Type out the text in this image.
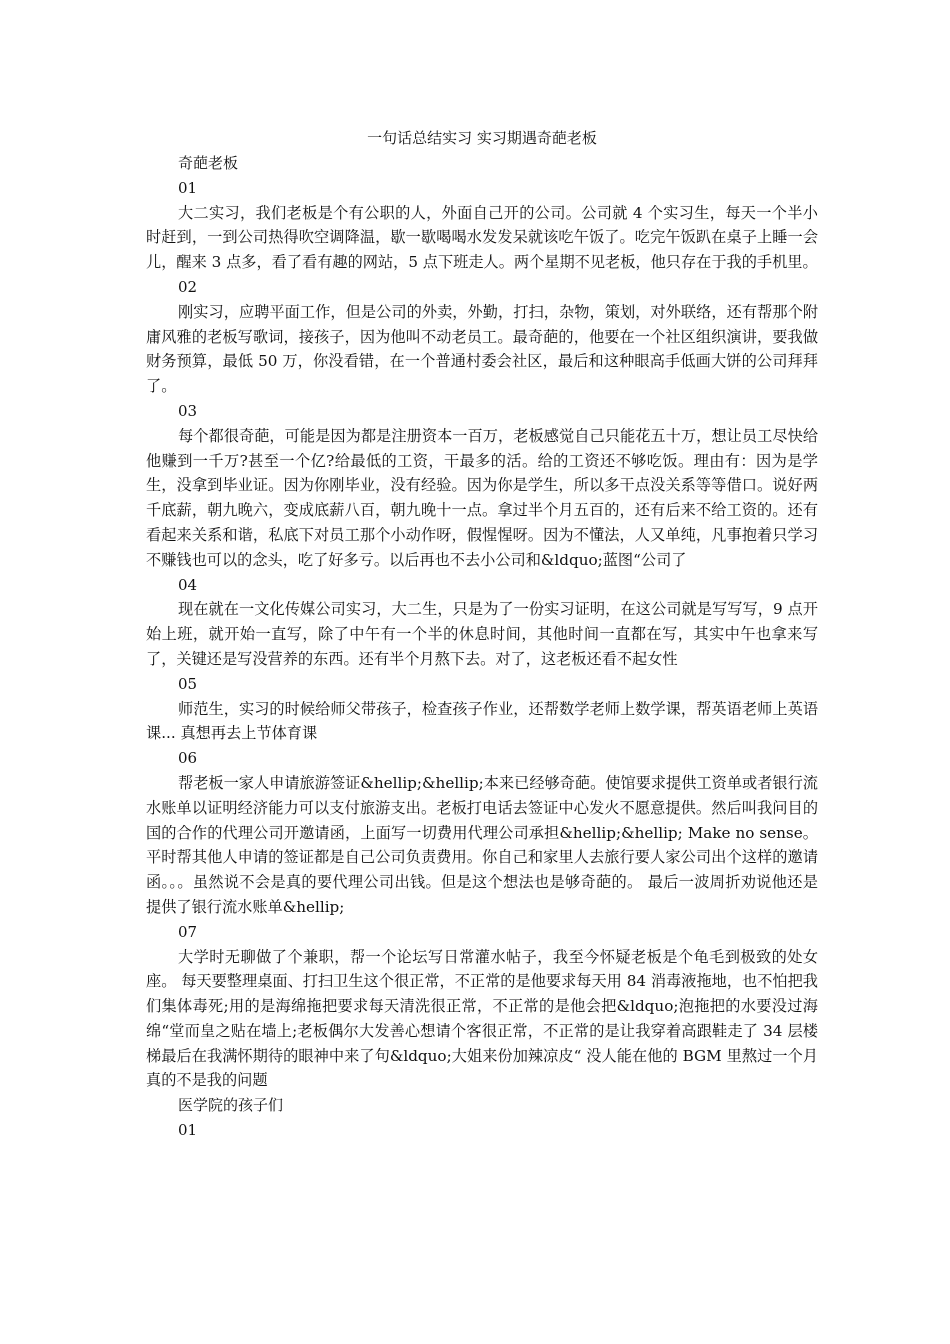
一句话总结实习 实习期遇奇葩老板
奇葩老板
01
大二实习，我们老板是个有公职的人，外面自己开的公司。公司就 4 个实习生，每天一个半小时赶到，一到公司热得吹空调降温，歇一歇喝喝水发发呆就该吃午饭了。吃完午饭趴在桌子上睡一会儿，醒来 3 点多，看了看有趣的网站，5 点下班走人。两个星期不见老板，他只存在于我的手机里。
02
刚实习，应聘平面工作，但是公司的外卖，外勤，打扫，杂物，策划，对外联络，还有帮那个附庸风雅的老板写歌词，接孩子，因为他叫不动老员工。最奇葩的，他要在一个社区组织演讲，要我做财务预算，最低 50 万，你没看错，在一个普通村委会社区，最后和这种眼高手低画大饼的公司拜拜了。
03
每个都很奇葩，可能是因为都是注册资本一百万，老板感觉自己只能花五十万，想让员工尽快给他赚到一千万?甚至一个亿?给最低的工资，干最多的活。给的工资还不够吃饭。理由有：因为是学生，没拿到毕业证。因为你刚毕业，没有经验。因为你是学生，所以多干点没关系等等借口。说好两千底薪，朝九晚六，变成底薪八百，朝九晚十一点。拿过半个月五百的，还有后来不给工资的。还有看起来关系和谐，私底下对员工那个小动作呀，假惺惺呀。因为不懂法，人又单纯，凡事抱着只学习不赚钱也可以的念头，吃了好多亏。以后再也不去小公司和&ldquo;蓝图“公司了
04
现在就在一文化传媒公司实习，大二生，只是为了一份实习证明，在这公司就是写写写，9 点开始上班，就开始一直写，除了中午有一个半的休息时间，其他时间一直都在写，其实中午也拿来写了，关键还是写没营养的东西。还有半个月熬下去。对了，这老板还看不起女性
05
师范生，实习的时候给师父带孩子，检查孩子作业，还帮数学老师上数学课，帮英语老师上英语课... 真想再去上节体育课
06
帮老板一家人申请旅游签证&hellip;&hellip;本来已经够奇葩。使馆要求提供工资单或者银行流水账单以证明经济能力可以支付旅游支出。老板打电话去签证中心发火不愿意提供。然后叫我问目的国的合作的代理公司开邀请函，上面写一切费用代理公司承担&hellip;&hellip; Make no sense。平时帮其他人申请的签证都是自己公司负责费用。你自己和家里人去旅行要人家公司出个这样的邀请函。。。虽然说不会是真的要代理公司出钱。但是这个想法也是够奇葩的。 最后一波周折劝说他还是提供了银行流水账单&hellip;
07
大学时无聊做了个兼职，帮一个论坛写日常灌水帖子，我至今怀疑老板是个龟毛到极致的处女座。 每天要整理桌面、打扫卫生这个很正常，不正常的是他要求每天用 84 消毒液拖地，也不怕把我们集体毒死;用的是海绵拖把要求每天清洗很正常，不正常的是他会把&ldquo;泡拖把的水要没过海绵“堂而皇之贴在墙上;老板偶尔大发善心想请个客很正常，不正常的是让我穿着高跟鞋走了 34 层楼梯最后在我满怀期待的眼神中来了句&ldquo;大姐来份加辣凉皮“ 没人能在他的 BGM 里熬过一个月真的不是我的问题
医学院的孩子们
01
